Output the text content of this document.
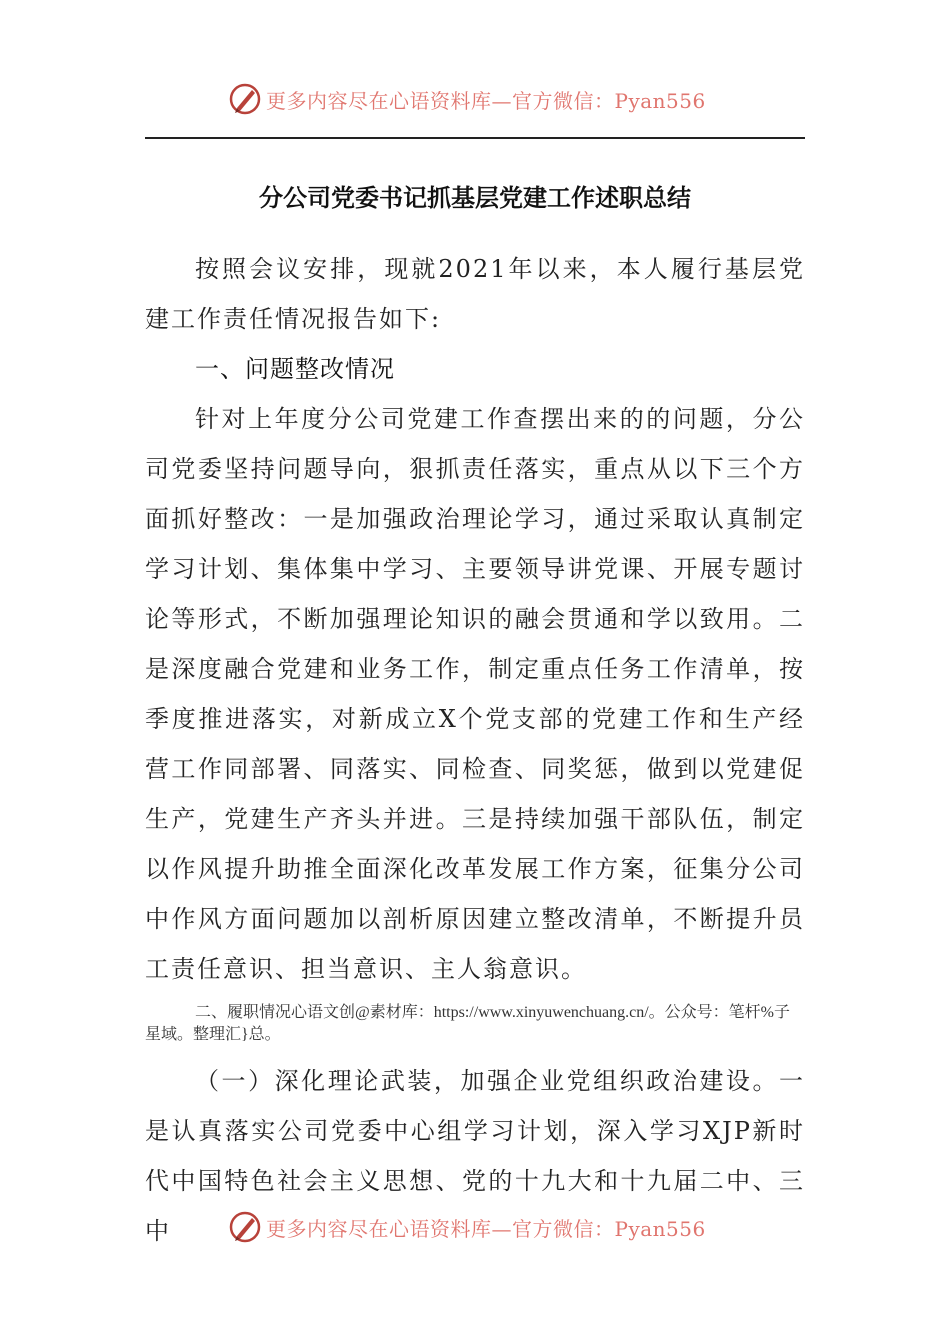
更多内容尽在心语资料库—官方微信：Pyan556
分公司党委书记抓基层党建工作述职总结

按照会议安排，现就2021年以来，本人履行基层党建工作责任情况报告如下:

一、问题整改情况

针对上年度分公司党建工作查摆出来的的问题，分公司党委坚持问题导向，狠抓责任落实，重点从以下三个方面抓好整改：一是加强政治理论学习，通过采取认真制定学习计划、集体集中学习、主要领导讲党课、开展专题讨论等形式，不断加强理论知识的融会贯通和学以致用。二是深度融合党建和业务工作，制定重点任务工作清单，按季度推进落实，对新成立X个党支部的党建工作和生产经营工作同部署、同落实、同检查、同奖惩，做到以党建促生产，党建生产齐头并进。三是持续加强干部队伍，制定以作风提升助推全面深化改革发展工作方案，征集分公司中作风方面问题加以剖析原因建立整改清单，不断提升员工责任意识、担当意识、主人翁意识。

二、履职情况心语文创@素材库：https://www.xinyuwenchuang.cn/。公众号：笔杆%子星域。整理汇}总。

（一）深化理论武装，加强企业党组织政治建设。一是认真落实公司党委中心组学习计划，深入学习XJP新时代中国特色社会主义思想、党的十九大和十九届二中、三中	更多内容尽在心语资料库—官方微信：Pyan556
